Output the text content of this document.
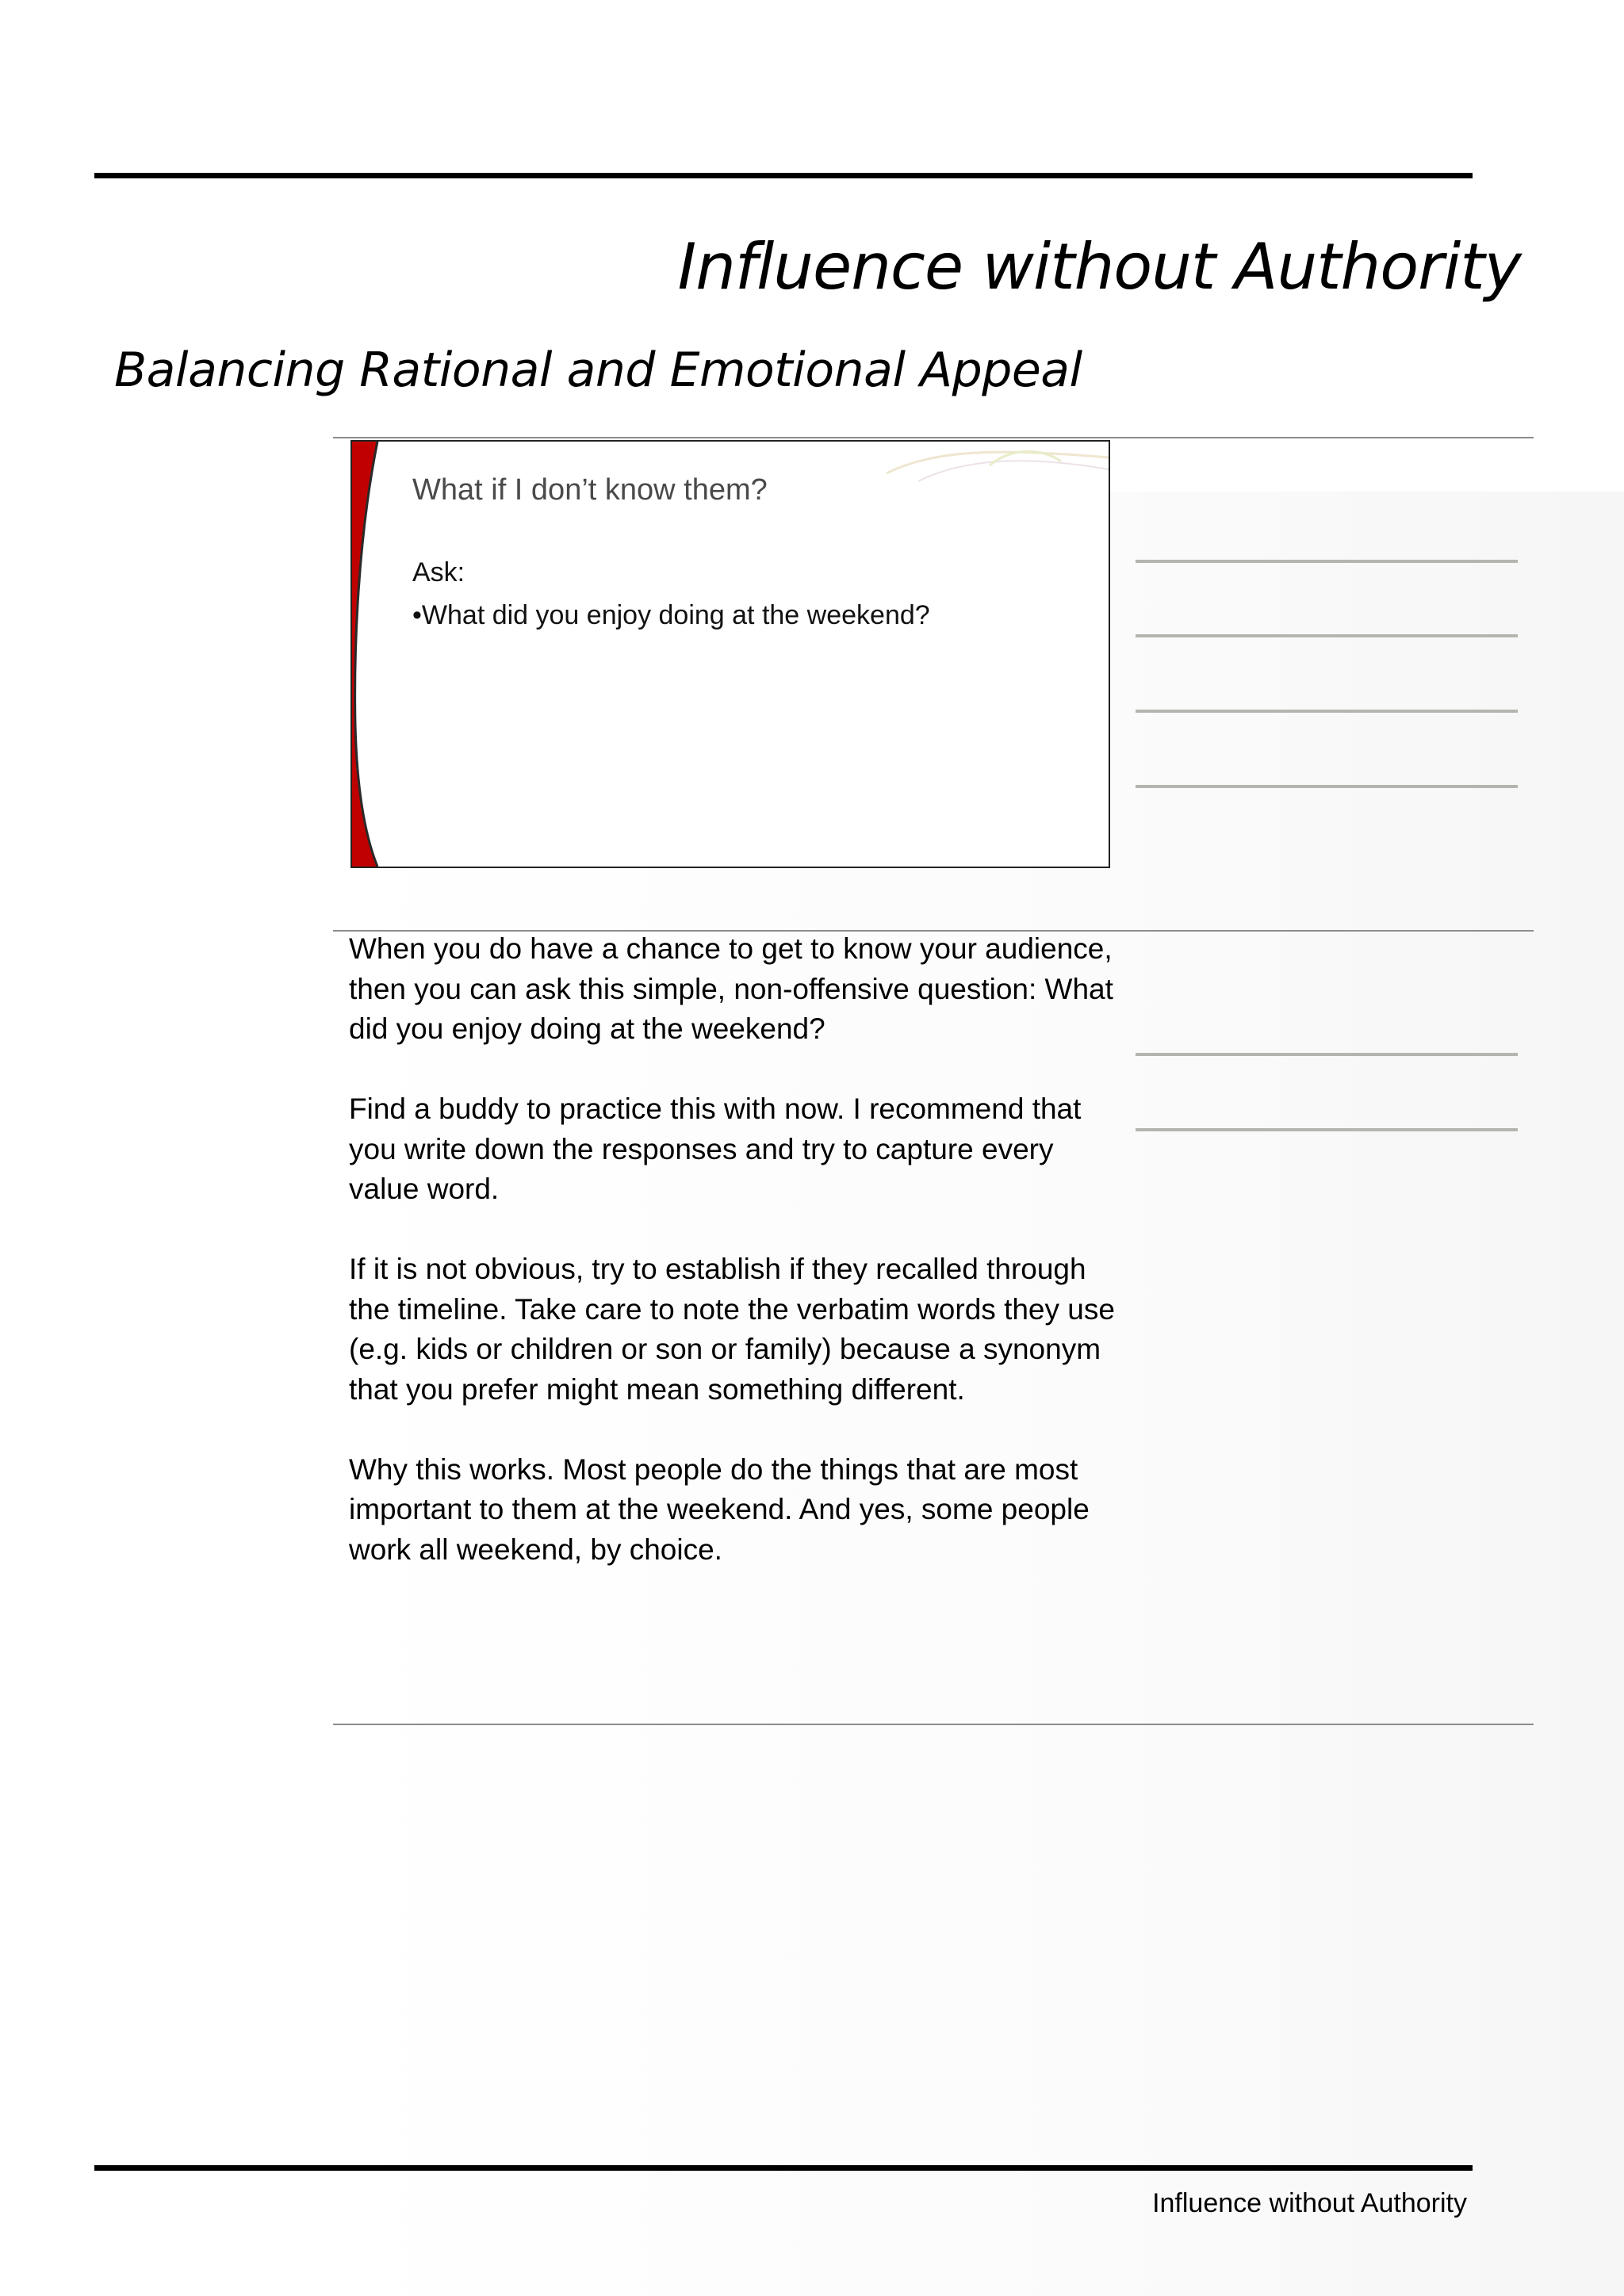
Influence without Authority
Balancing Rational and Emotional Appeal
What if I don’t know them?
Ask:
•What did you enjoy doing at the weekend?

When you do have a chance to get to know your audience, then you can ask this simple, non-offensive question: What did you enjoy doing at the weekend?

Find a buddy to practice this with now. I recommend that you write down the responses and try to capture every value word.

If it is not obvious, try to establish if they recalled through the timeline. Take care to note the verbatim words they use (e.g. kids or children or son or family) because a synonym that you prefer might mean something different.

Why this works. Most people do the things that are most important to them at the weekend. And yes, some people work all weekend, by choice.

Influence without Authority
